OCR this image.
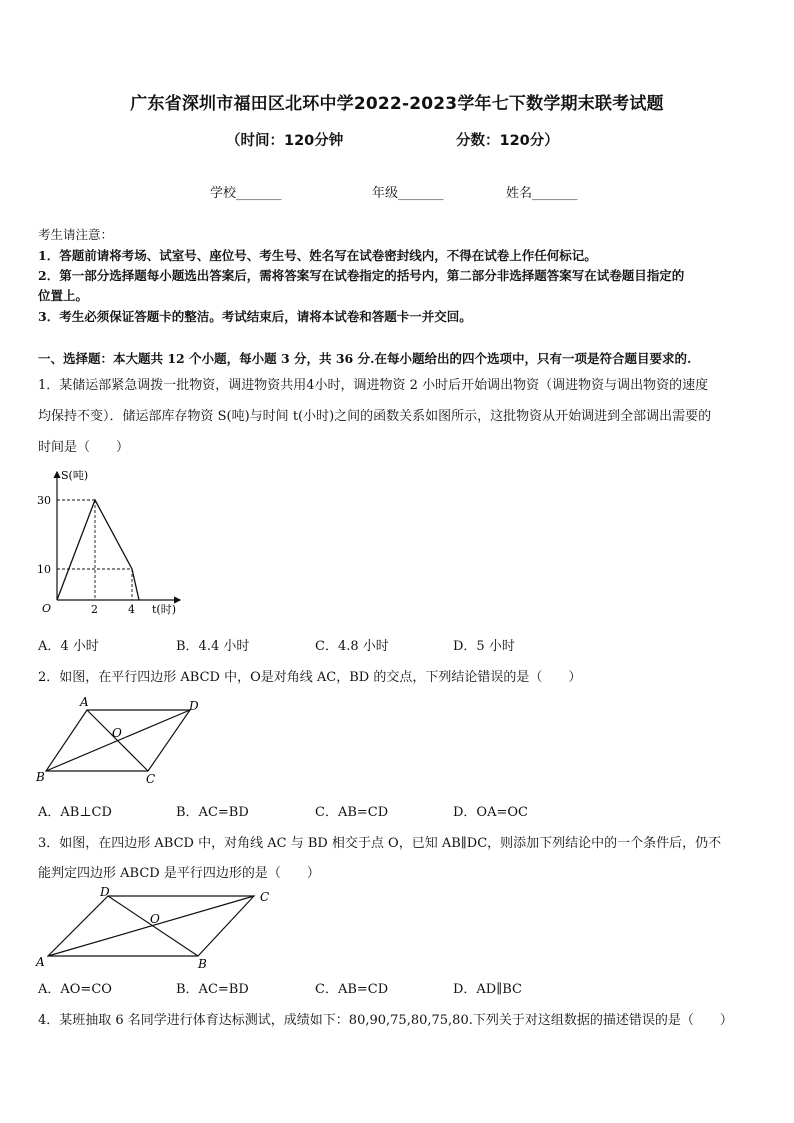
广东省深圳市福田区北环中学2022-2023学年七下数学期末联考试题
（时间：120分钟	分数：120分）
学校_______	年级_______	姓名_______
考生请注意：
1．答题前请将考场、试室号、座位号、考生号、姓名写在试卷密封线内，不得在试卷上作任何标记。
2．第一部分选择题每小题选出答案后，需将答案写在试卷指定的括号内，第二部分非选择题答案写在试卷题目指定的
位置上。
3．考生必须保证答题卡的整洁。考试结束后，请将本试卷和答题卡一并交回。
一、选择题：本大题共 12 个小题，每小题 3 分，共 36 分.在每小题给出的四个选项中，只有一项是符合题目要求的.
1．某储运部紧急调拨一批物资，调进物资共用4小时，调进物资 2 小时后开始调出物资（调进物资与调出物资的速度
均保持不变）．储运部库存物资 S(吨)与时间 t(小时)之间的函数关系如图所示，这批物资从开始调进到全部调出需要的
时间是（　　）
S(吨)
30
10
O	2	4 t(时)
A．4 小时	B．4.4 小时	C．4.8 小时	D．5 小时
2．如图，在平行四边形 ABCD 中，O是对角线 AC，BD 的交点，下列结论错误的是（　　）
A	D
O
B	C
A．AB⊥CD	B．AC=BD	C．AB=CD	D．OA=OC
3．如图，在四边形 ABCD 中，对角线 AC 与 BD 相交于点 O，已知 AB∥DC，则添加下列结论中的一个条件后，仍不
能判定四边形 ABCD 是平行四边形的是（　　）
D	C
O
A	B
A．AO=CO	B．AC=BD	C．AB=CD	D．AD∥BC
4．某班抽取 6 名同学进行体育达标测试，成绩如下：80,90,75,80,75,80.下列关于对这组数据的描述错误的是（　　）
